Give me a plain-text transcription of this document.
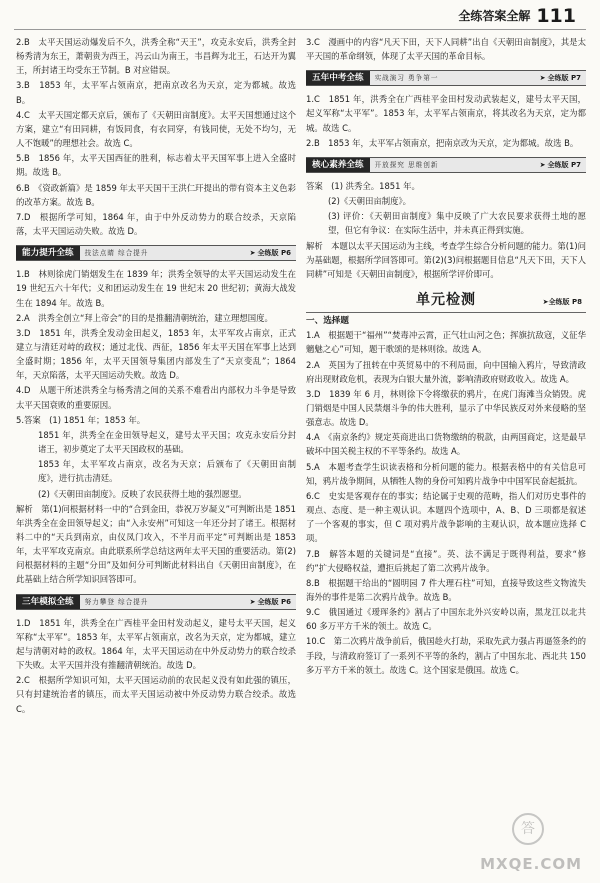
全练答案全解 111

2.B　太平天国运动爆发后不久，洪秀全称“天王”，攻克永安后，洪秀全封杨秀清为东王，萧朝贵为西王，冯云山为南王，韦昌辉为北王，石达开为翼王，所封诸王均受东王节制。B 对应错误。

3.B　1853 年，太平军占领南京，把南京改名为天京，定为都城。故选 B。

4.C　太平天国定都天京后，颁布了《天朝田亩制度》。太平天国想通过这个方案，建立“有田同耕，有饭同食，有衣同穿，有钱同使，无处不均匀，无人不饱暖”的理想社会。故选 C。

5.B　1856 年，太平天国西征的胜利，标志着太平天国军事上进入全盛时期。故选 B。

6.B　《资政新篇》是 1859 年太平天国干王洪仁玕提出的带有资本主义色彩的改革方案。故选 B。

7.D　根据所学可知，1864 年，由于中外反动势力的联合绞杀，天京陷落，太平天国运动失败。故选 D。

能力提升全练	技法点睛 综合提升	➤ 全练版 P6

1.B　林则徐虎门销烟发生在 1839 年；洪秀全领导的太平天国运动发生在 19 世纪五六十年代；义和团运动发生在 19 世纪末 20 世纪初；黄海大战发生在 1894 年。故选 B。

2.A　洪秀全创立“拜上帝会”的目的是推翻清朝统治，建立理想国度。

3.D　1851 年，洪秀全发动金田起义，1853 年，太平军攻占南京，正式建立与清廷对峙的政权；通过北伐、西征，1856 年太平天国在军事上达到全盛时期；1856 年，太平天国领导集团内部发生了“天京变乱”；1864 年，天京陷落，太平天国运动失败。故选 D。

4.D　从题干所述洪秀全与杨秀清之间的关系不难看出内部权力斗争是导致太平天国衰败的重要原因。

5.答案　(1) 1851 年；1853 年。

1851 年，洪秀全在金田领导起义，建号太平天国；攻克永安后分封诸王，初步奠定了太平天国政权的基础。

1853 年，太平军攻占南京，改名为天京；后颁布了《天朝田亩制度》，进行抗击清廷。

(2)《天朝田亩制度》。反映了农民获得土地的强烈愿望。

解析　第(1)问根据材料一中的“合到金田，恭祝万岁凝义”可判断出是 1851 年洪秀全在金田领导起义；由“入永安州”可知这一年还分封了诸王。根据材料二中的“天兵到南京，由仪凤门攻入，不半月而平定”可判断出是 1853 年，太平军攻克南京。由此联系所学总结这两年太平天国的重要活动。第(2)问根据材料的主题“分田”及如何分可判断此材料出自《天朝田亩制度》，在此基础上结合所学知识回答即可。

三年模拟全练	努力攀登 综合提升	➤ 全练版 P6

1.D　1851 年，洪秀全在广西桂平金田村发动起义，建号太平天国，起义军称“太平军”。1853 年，太平军占领南京，改名为天京，定为都城，建立起与清朝对峙的政权。1864 年，太平天国运动在中外反动势力的联合绞杀下失败。太平天国并没有推翻清朝统治。故选 D。

2.C　根据所学知识可知，太平天国运动前的农民起义没有如此强的镇压，只有封建统治者的镇压，而太平天国运动被中外反动势力联合绞杀。故选 C。

3.C　漫画中的内容“凡天下田，天下人同耕”出自《天朝田亩制度》，其是太平天国的革命纲领，体现了太平天国的革命目标。

五年中考全练	实战演习 勇争第一	➤ 全练版 P7

1.C　1851 年，洪秀全在广西桂平金田村发动武装起义，建号太平天国，起义军称“太平军”。1853 年，太平军占领南京，将其改名为天京，定为都城。故选 C。

2.B　1853 年，太平军占领南京，把南京改为天京，定为都城。故选 B。

核心素养全练	开放探究 思维创新	➤ 全练版 P7

答案　(1) 洪秀全。1851 年。

(2)《天朝田亩制度》。

(3) 评价：《天朝田亩制度》集中反映了广大农民要求获得土地的愿望，但它有争议：在实际生活中，并未真正得到实施。

解析　本题以太平天国运动为主线，考查学生综合分析问题的能力。第(1)问为基础题，根据所学回答即可。第(2)(3)问根据题目信息“凡天下田，天下人同耕”可知是《天朝田亩制度》，根据所学评价即可。

单元检测	➤全练版 P8
一、选择题

1.A　根据题干“福州”“焚毒冲云霄，正气壮山河之色；挥旗抗敌寇，义征华魑魅之心”可知，题干歌颂的是林则徐。故选 A。

2.A　英国为了扭转在中英贸易中的不利局面，向中国输入鸦片，导致清政府出现财政危机，表现为白银大量外流，影响清政府财政收入。故选 A。

3.D　1839 年 6 月，林则徐下令将缴获的鸦片，在虎门海滩当众销毁。虎门销烟是中国人民禁烟斗争的伟大胜利，显示了中华民族反对外来侵略的坚强意志。故选 D。

4.A　《南京条约》规定英商进出口货物缴纳的税款，由两国商定，这是最早破坏中国关税主权的不平等条约。故选 A。

5.A　本题考查学生识读表格和分析问题的能力。根据表格中的有关信息可知，鸦片战争期间，从牺牲人物的身份可知鸦片战争中中国军民奋起抵抗。

6.C　史实是客观存在的事实；结论属于史观的范畴，指人们对历史事件的观点、态度、是一种主观认识。本题四个选项中，A、B、D 三项都是叙述了一个客观的事实，但 C 项对鸦片战争影响的主观认识，故本题应选择 C 项。

7.B　解答本题的关键词是“直接”。英、法不满足于既得利益，要求“修约”扩大侵略权益，遭拒后挑起了第二次鸦片战争。

8.B　根据题干给出的“圆明园 7 件大理石柱”可知，直接导致这些文物流失海外的事件是第二次鸦片战争。故选 B。

9.C　俄国通过《瑷珲条约》割占了中国东北外兴安岭以南，黑龙江以北共 60 多万平方千米的领土。故选 C。

10.C　第二次鸦片战争前后，俄国趁火打劫，采取先武力强占再逼签条约的手段，与清政府签订了一系列不平等的条约，割占了中国东北、西北共 150 多万平方千米的领土。故选 C。这个国家是俄国。故选 C。

答
MXQE.COM
